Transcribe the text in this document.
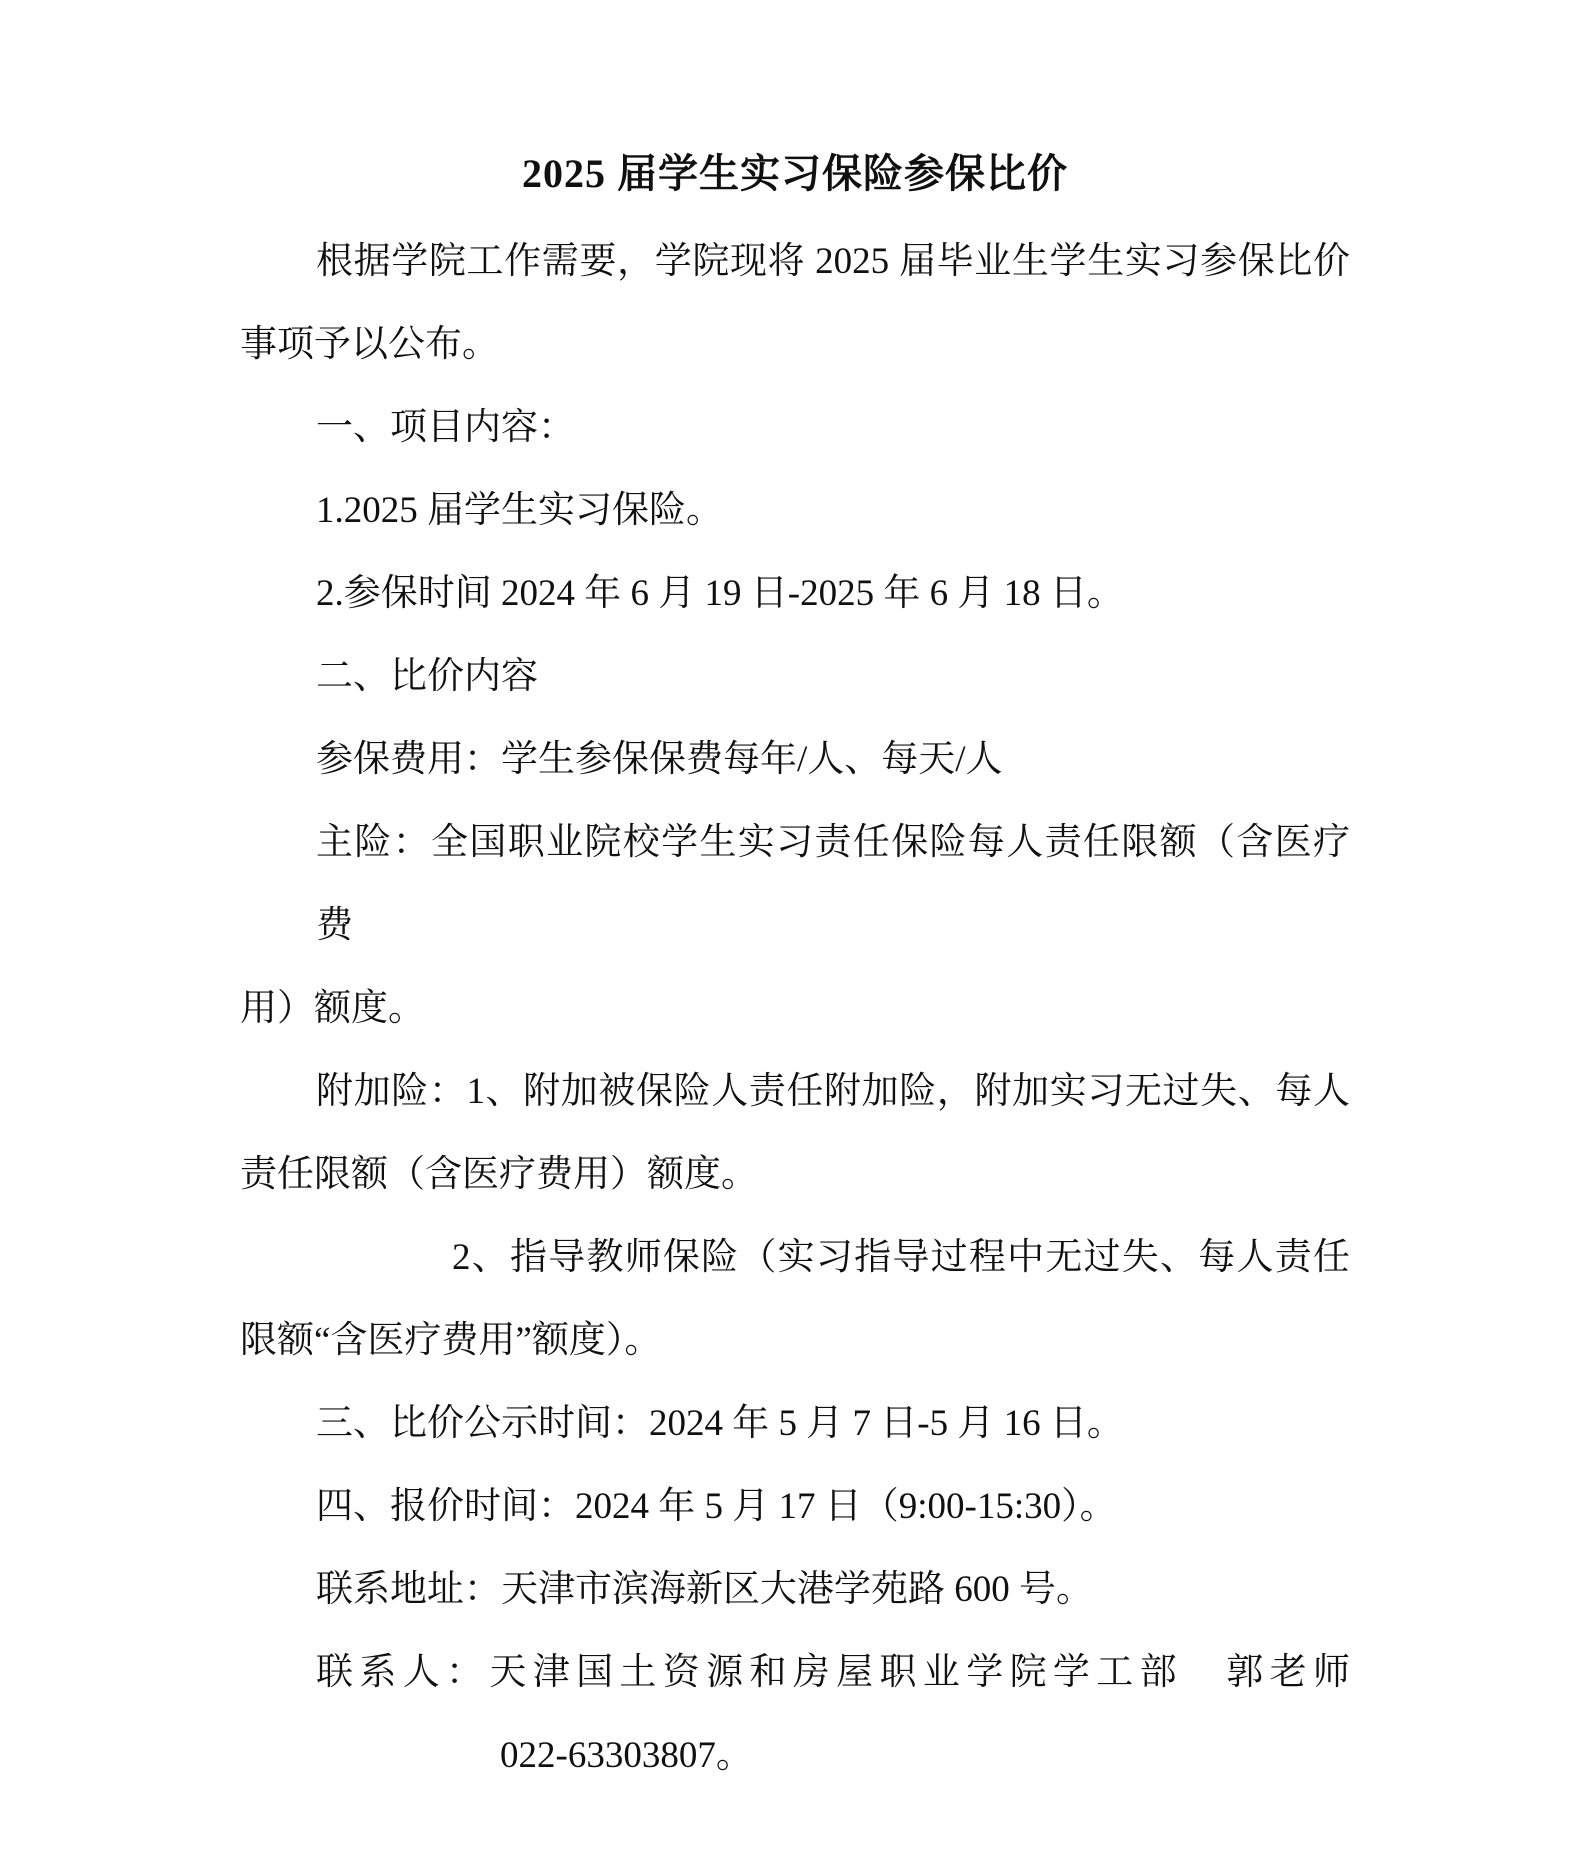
2025 届学生实习保险参保比价
根据学院工作需要，学院现将 2025 届毕业生学生实习参保比价
事项予以公布。
一、项目内容：
1.2025 届学生实习保险。
2.参保时间 2024 年 6 月 19 日-2025 年 6 月 18 日。
二、比价内容
参保费用：学生参保保费每年/人、每天/人
主险：全国职业院校学生实习责任保险每人责任限额（含医疗费
用）额度。
附加险：1、附加被保险人责任附加险，附加实习无过失、每人
责任限额（含医疗费用）额度。
2、指导教师保险（实习指导过程中无过失、每人责任
限额“含医疗费用”额度）。
三、比价公示时间：2024 年 5 月 7 日-5 月 16 日。
四、报价时间：2024 年 5 月 17 日（9:00-15:30）。
联系地址：天津市滨海新区大港学苑路 600 号。
联系人：天津国土资源和房屋职业学院学工部　郭老师
022-63303807。
